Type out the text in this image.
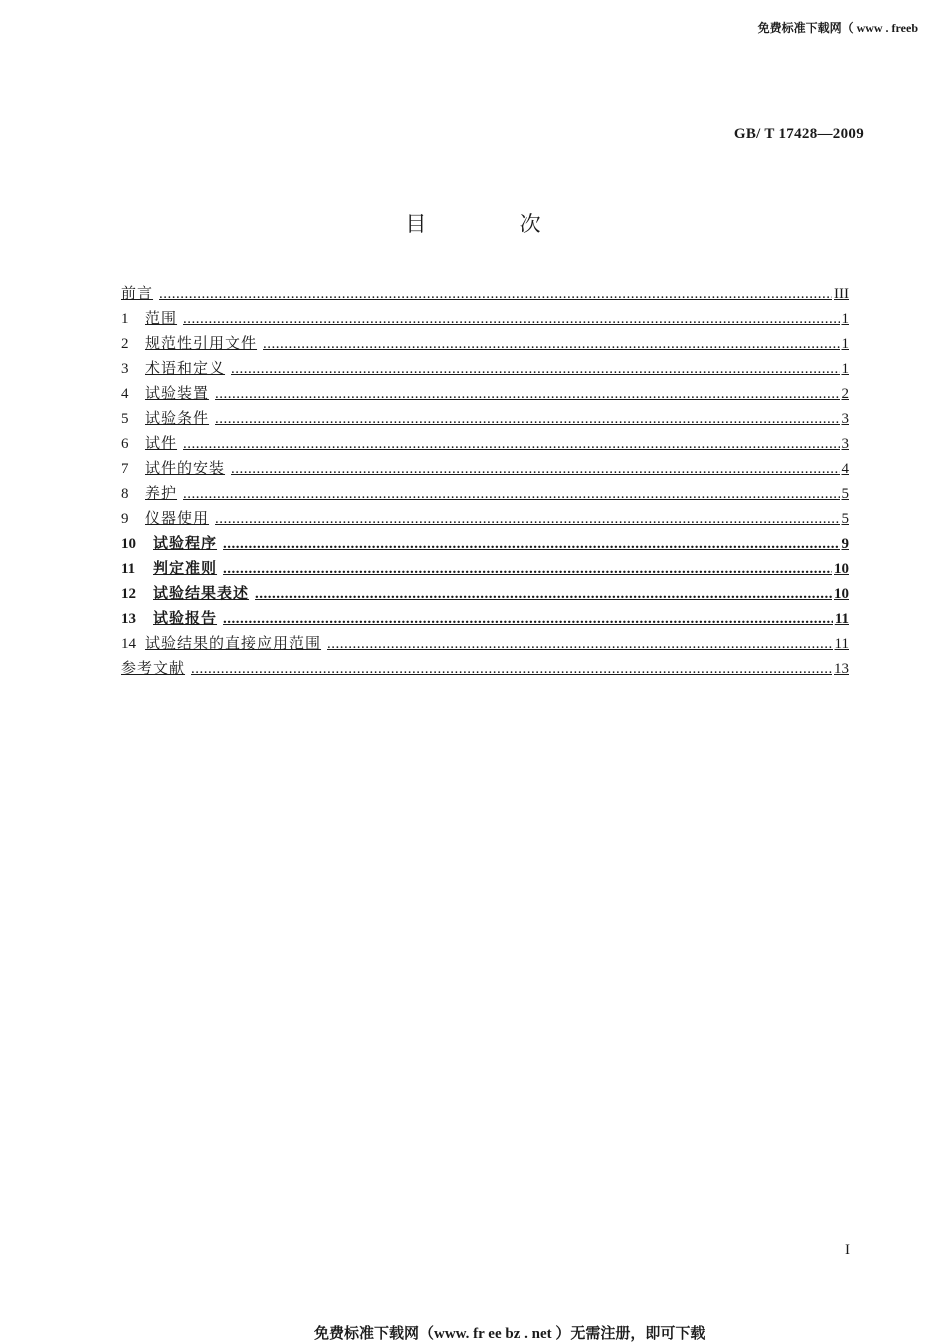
免费标准下载网（ www . freeb
GB/ T 17428—2009
目 次
前言 .....	III
1 范围 .....	1
2 规范性引用文件 .....	1
3 术语和定义 .....	1
4 试验装置 .....	2
5 试验条件 .....	3
6 试件 .....	3
7 试件的安装 .....	4
8 养护 .....	5
9 仪器使用 .....	5
10 试验程序 .....	9
11 判定准则 .....	10
12 试验结果表述 .....	10
13 试验报告 .....	11
14 试验结果的直接应用范围 .....	11
参考文献 .....	13
I
免费标准下载网（www. fr ee bz . net ）无需注册，即可下载
